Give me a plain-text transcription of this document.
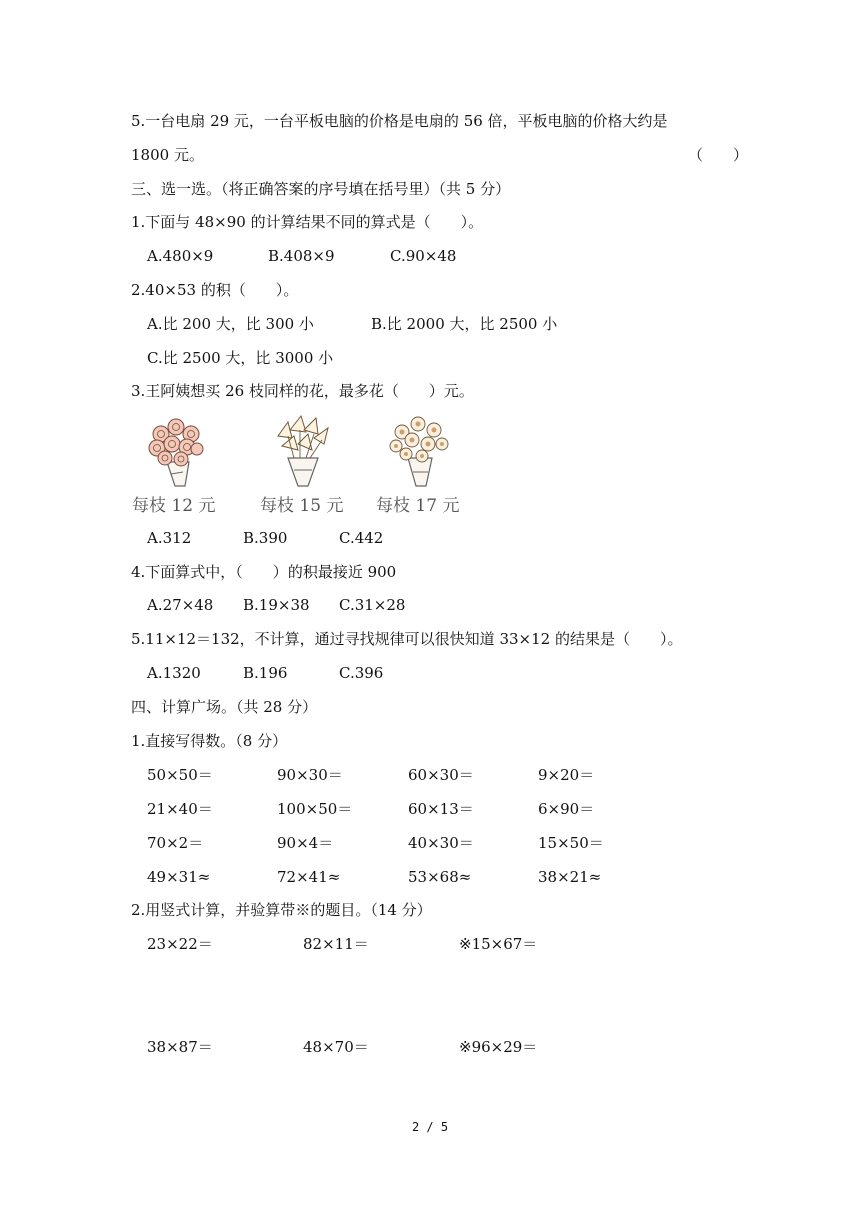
5.一台电扇 29 元，一台平板电脑的价格是电扇的 56 倍，平板电脑的价格大约是
1800 元。	（　　）
三、选一选。（将正确答案的序号填在括号里）（共 5 分）
1.下面与 48×90 的计算结果不同的算式是（　　）。
A.480×9	B.408×9	C.90×48
2.40×53 的积（　　）。
A.比 200 大，比 300 小	B.比 2000 大，比 2500 小
C.比 2500 大，比 3000 小
3.王阿姨想买 26 枝同样的花，最多花（　　）元。
每枝 12 元	每枝 15 元 每枝 17 元
A.312	B.390	C.442
4.下面算式中，（　　）的积最接近 900
A.27×48 B.19×38 C.31×28
5.11×12＝132，不计算，通过寻找规律可以很快知道 33×12 的结果是（　　）。
A.1320	B.196	C.396
四、计算广场。（共 28 分）
1.直接写得数。（8 分）
50×50＝	90×30＝	60×30＝	9×20＝
21×40＝	100×50＝	60×13＝	6×90＝
70×2＝	90×4＝	40×30＝	15×50＝
49×31≈	72×41≈	53×68≈	38×21≈
2.用竖式计算，并验算带※的题目。（14 分）
23×22＝	82×11＝	※15×67＝
38×87＝	48×70＝	※96×29＝
2 / 5
